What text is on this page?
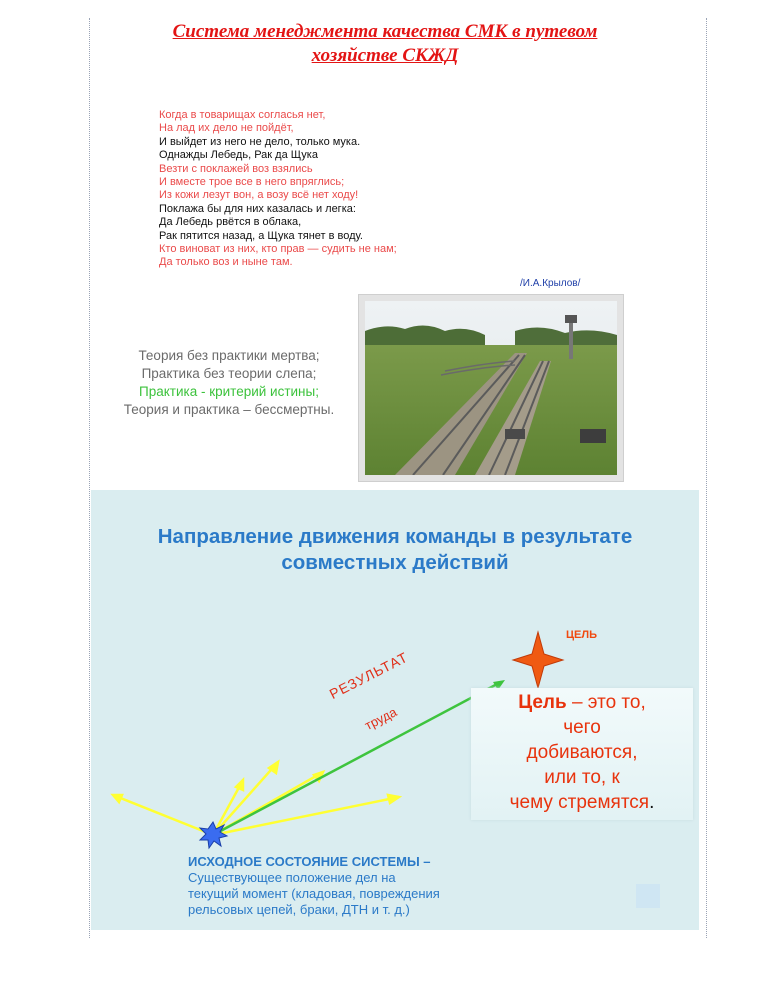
Система менеджмента качества СМК в путевом
хозяйстве СКЖД
Когда в товарищах согласья нет,
На лад их дело не пойдёт,
И выйдет из него не дело, только мука.
Однажды Лебедь, Рак да Щука
Везти с поклажей воз взялись
И вместе трое все в него впряглись;
Из кожи лезут вон, а возу всё нет ходу!
Поклажа бы для них казалась и легка:
Да Лебедь рвётся в облака,
Рак пятится назад, а Щука тянет в воду.
Кто виноват из них, кто прав — судить не нам;
Да только воз и ныне там.
/И.А.Крылов/
Теория без практики мертва;
Практика без теории слепа;
Практика - критерий истины;
Теория и практика – бессмертны.
Направление движения команды в результате
совместных действий
ЦЕЛЬ
РЕЗУЛЬТАТ
труда
Цель – это то,
чего
добиваются,
или то, к
чему стремятся.
ИСХОДНОЕ СОСТОЯНИЕ СИСТЕМЫ –
Существующее положение дел на
текущий момент (кладовая, повреждения
рельсовых цепей, браки, ДТН и т. д.)
